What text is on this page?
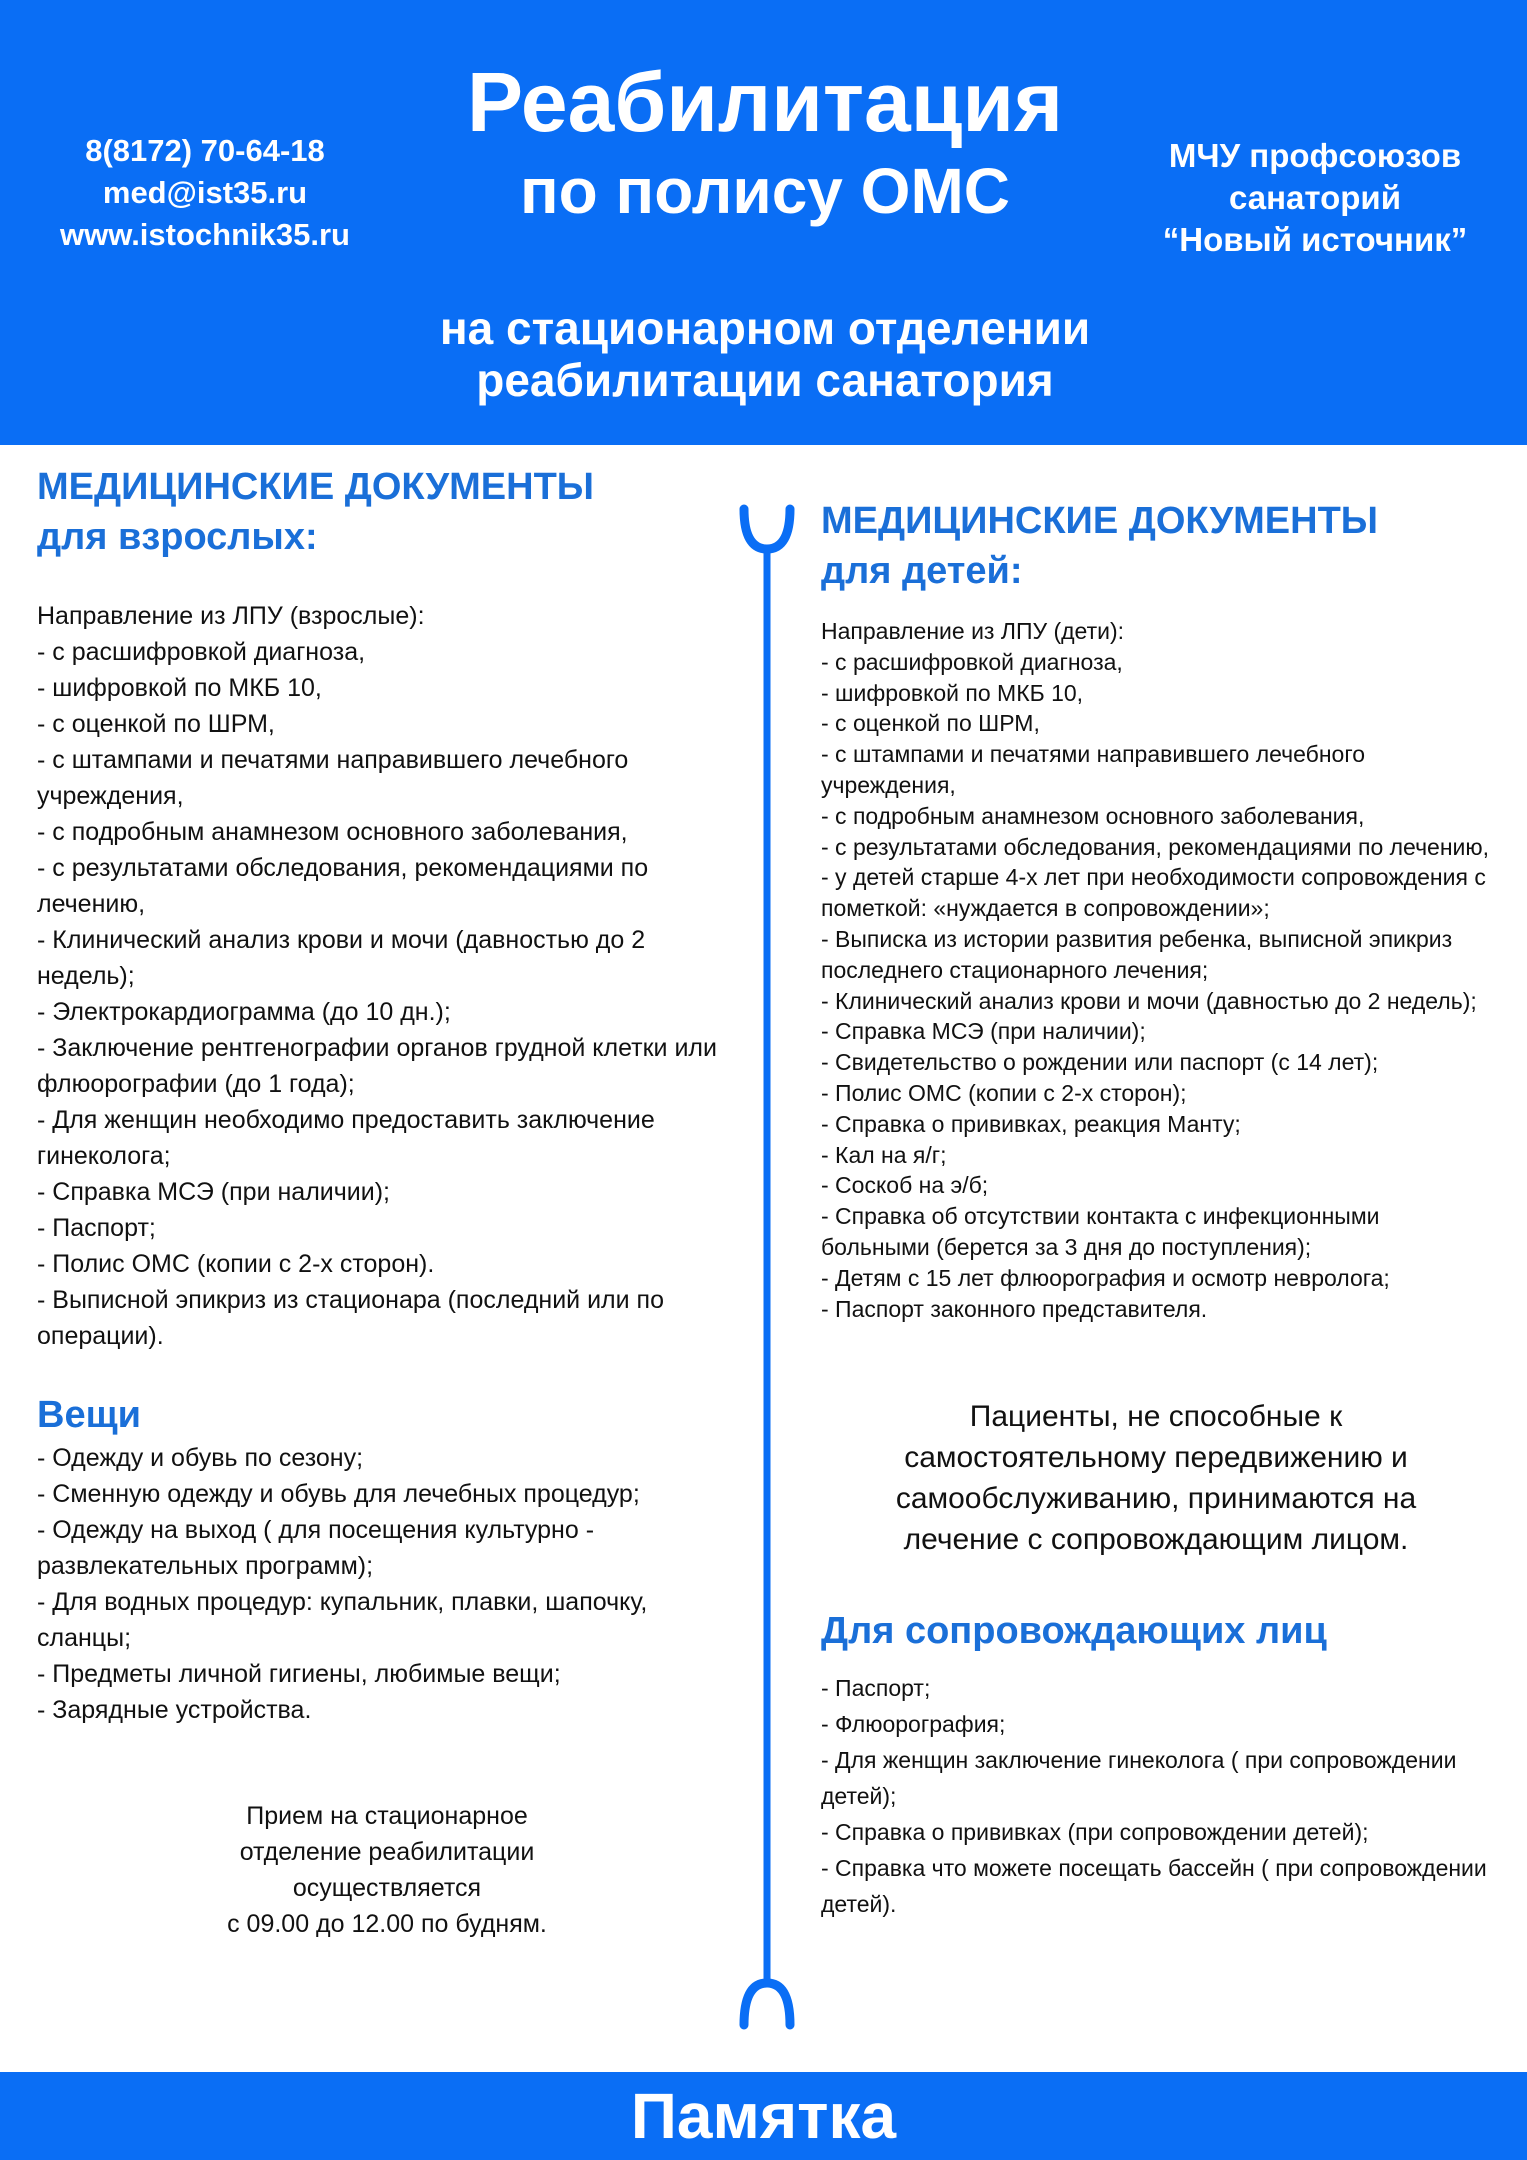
Реабилитация
по полису ОМС
8(8172) 70-64-18
med@ist35.ru
www.istochnik35.ru
МЧУ профсоюзов
санаторий
“Новый источник”
на стационарном отделении
реабилитации санатория
МЕДИЦИНСКИЕ ДОКУМЕНТЫ
для взрослых:
Направление из ЛПУ (взрослые):
- с расшифровкой диагноза,
- шифровкой по МКБ 10,
- с оценкой по ШРМ,
- с штампами и печатями направившего лечебного учреждения,
- с подробным анамнезом основного заболевания,
- с результатами обследования, рекомендациями по лечению,
- Клинический анализ крови и мочи (давностью до 2 недель);
- Электрокардиограмма (до 10 дн.);
- Заключение рентгенографии органов грудной клетки или флюорографии (до 1 года);
- Для женщин необходимо предоставить заключение гинеколога;
- Справка МСЭ (при наличии);
- Паспорт;
- Полис ОМС (копии с 2-х сторон).
- Выписной эпикриз из стационара (последний или по операции).
Вещи
- Одежду и обувь по сезону;
- Сменную одежду и обувь для лечебных процедур;
- Одежду на выход ( для посещения культурно - развлекательных программ);
- Для водных процедур: купальник, плавки, шапочку, сланцы;
- Предметы личной гигиены, любимые вещи;
- Зарядные устройства.
Прием на стационарное
отделение реабилитации
осуществляется
с 09.00 до 12.00 по будням.
МЕДИЦИНСКИЕ ДОКУМЕНТЫ
для детей:
Направление из ЛПУ (дети):
- с расшифровкой диагноза,
- шифровкой по МКБ 10,
- с оценкой по ШРМ,
- с штампами и печатями направившего лечебного учреждения,
- с подробным анамнезом основного заболевания,
- с результатами обследования, рекомендациями по лечению,
- у детей старше 4-х лет при необходимости сопровождения с пометкой: «нуждается в сопровождении»;
- Выписка из истории развития ребенка, выписной эпикриз последнего стационарного лечения;
- Клинический анализ крови и мочи (давностью до 2 недель);
- Справка МСЭ (при наличии);
- Свидетельство о рождении или паспорт (с 14 лет);
- Полис ОМС (копии с 2-х сторон);
- Справка о прививках, реакция Манту;
- Кал на я/г;
- Соскоб на э/б;
- Справка об отсутствии контакта с инфекционными больными (берется за 3 дня до поступления);
- Детям с 15 лет флюорография и осмотр невролога;
- Паспорт законного представителя.
Пациенты, не способные к
самостоятельному передвижению и
самообслуживанию, принимаются на
лечение с сопровождающим лицом.
Для сопровождающих лиц
- Паспорт;
- Флюорография;
- Для женщин заключение гинеколога ( при сопровождении детей);
- Справка о прививках (при сопровождении детей);
- Справка что можете посещать бассейн ( при сопровождении детей).
Памятка
